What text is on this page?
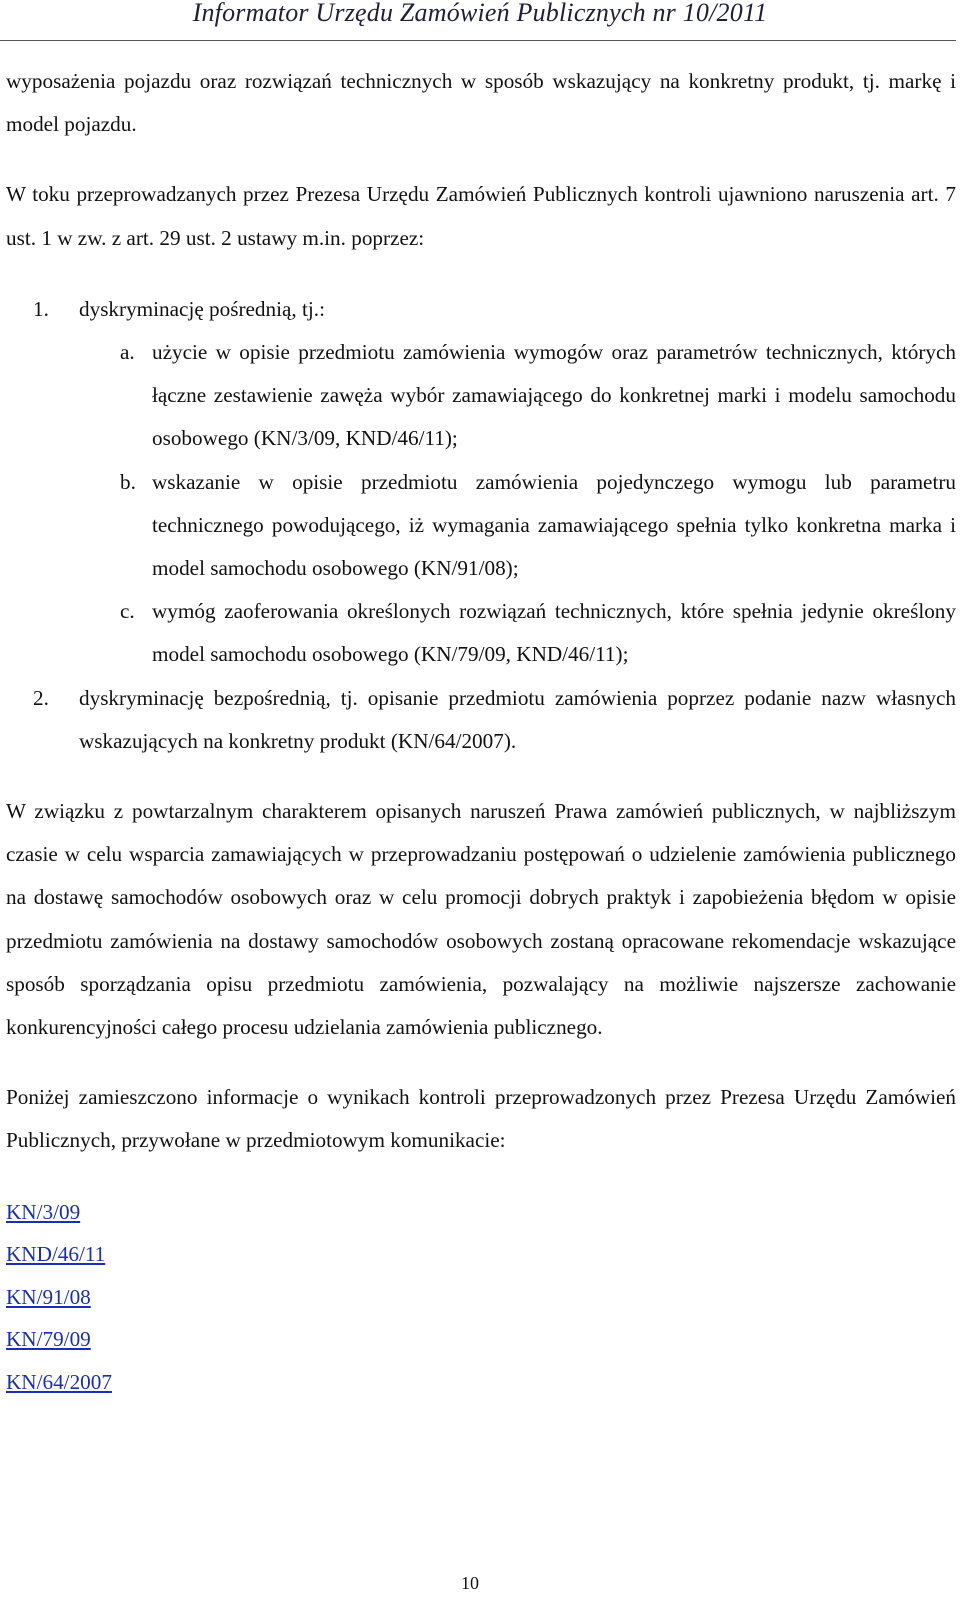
Informator Urzędu Zamówień Publicznych nr 10/2011

wyposażenia pojazdu oraz rozwiązań technicznych w sposób wskazujący na konkretny produkt, tj. markę i model pojazdu.

W toku przeprowadzanych przez Prezesa Urzędu Zamówień Publicznych kontroli ujawniono naruszenia art. 7 ust. 1 w zw. z art. 29 ust. 2 ustawy m.in. poprzez:

1. dyskryminację pośrednią, tj.:
a. użycie w opisie przedmiotu zamówienia wymogów oraz parametrów technicznych, których łączne zestawienie zawęża wybór zamawiającego do konkretnej marki i modelu samochodu osobowego (KN/3/09, KND/46/11);
b. wskazanie w opisie przedmiotu zamówienia pojedynczego wymogu lub parametru technicznego powodującego, iż wymagania zamawiającego spełnia tylko konkretna marka i model samochodu osobowego (KN/91/08);
c. wymóg zaoferowania określonych rozwiązań technicznych, które spełnia jedynie określony model samochodu osobowego (KN/79/09, KND/46/11);
2. dyskryminację bezpośrednią, tj. opisanie przedmiotu zamówienia poprzez podanie nazw własnych wskazujących na konkretny produkt (KN/64/2007).

W związku z powtarzalnym charakterem opisanych naruszeń Prawa zamówień publicznych, w najbliższym czasie w celu wsparcia zamawiających w przeprowadzaniu postępowań o udzielenie zamówienia publicznego na dostawę samochodów osobowych oraz w celu promocji dobrych praktyk i zapobieżenia błędom w opisie przedmiotu zamówienia na dostawy samochodów osobowych zostaną opracowane rekomendacje wskazujące sposób sporządzania opisu przedmiotu zamówienia, pozwalający na możliwie najszersze zachowanie konkurencyjności całego procesu udzielania zamówienia publicznego.

Poniżej zamieszczono informacje o wynikach kontroli przeprowadzonych przez Prezesa Urzędu Zamówień Publicznych, przywołane w przedmiotowym komunikacie:

KN/3/09
KND/46/11
KN/91/08
KN/79/09
KN/64/2007
10
